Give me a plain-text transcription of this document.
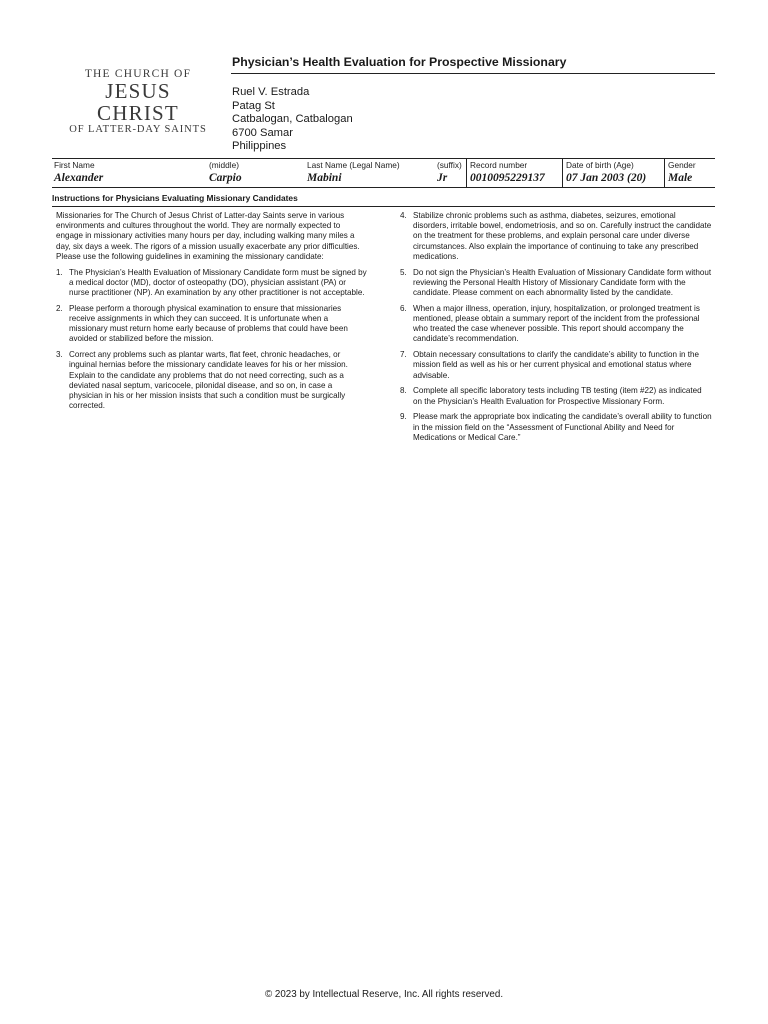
THE CHURCH OF
JESUS CHRIST
OF LATTER-DAY SAINTS
Physician’s Health Evaluation for Prospective Missionary
Ruel V. Estrada
Patag St
Catbalogan, Catbalogan
6700 Samar
Philippines
First Name
Alexander
(middle)
Carpio
Last Name (Legal Name)
Mabini
(suffix)
Jr
Record number
0010095229137
Date of birth (Age)
07 Jan 2003 (20)
Gender
Male
Instructions for Physicians Evaluating Missionary Candidates

Missionaries for The Church of Jesus Christ of Latter-day Saints serve in various environments and cultures throughout the world. They are normally expected to engage in missionary activities many hours per day, including walking many miles a day, six days a week. The rigors of a mission usually exacerbate any prior difficulties. Please use the following guidelines in examining the missionary candidate:

1. The Physician’s Health Evaluation of Missionary Candidate form must be signed by a medical doctor (MD), doctor of osteopathy (DO), physician assistant (PA) or nurse practitioner (NP). An examination by any other practitioner is not acceptable.
2. Please perform a thorough physical examination to ensure that missionaries receive assignments in which they can succeed. It is unfortunate when a missionary must return home early because of problems that could have been avoided or stabilized before the mission.
3. Correct any problems such as plantar warts, flat feet, chronic headaches, or inguinal hernias before the missionary candidate leaves for his or her mission. Explain to the candidate any problems that do not need correcting, such as a deviated nasal septum, varicocele, pilonidal disease, and so on, in case a physician in his or her mission insists that such a condition must be surgically corrected.
4. Stabilize chronic problems such as asthma, diabetes, seizures, emotional disorders, irritable bowel, endometriosis, and so on. Carefully instruct the candidate on the treatment for these problems, and explain personal care under diverse circumstances. Also explain the importance of continuing to take any prescribed medications.
5. Do not sign the Physician’s Health Evaluation of Missionary Candidate form without reviewing the Personal Health History of Missionary Candidate form with the candidate. Please comment on each abnormality listed by the candidate.
6. When a major illness, operation, injury, hospitalization, or prolonged treatment is mentioned, please obtain a summary report of the incident from the professional who treated the case whenever possible. This report should accompany the candidate’s recommendation.
7. Obtain necessary consultations to clarify the candidate’s ability to function in the mission field as well as his or her current physical and emotional status where advisable.
8. Complete all specific laboratory tests including TB testing (item #22) as indicated on the Physician’s Health Evaluation for Prospective Missionary Form.
9. Please mark the appropriate box indicating the candidate’s overall ability to function in the mission field on the “Assessment of Functional Ability and Need for Medications or Medical Care.”
© 2023 by Intellectual Reserve, Inc. All rights reserved.
